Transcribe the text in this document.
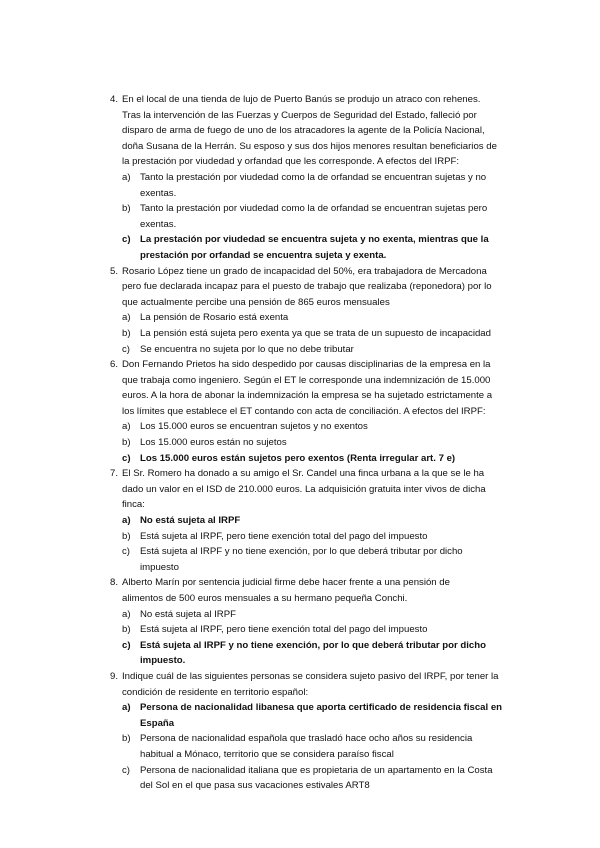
4. En el local de una tienda de lujo de Puerto Banús se produjo un atraco con rehenes.
Tras la intervención de las Fuerzas y Cuerpos de Seguridad del Estado, falleció por
disparo de arma de fuego de uno de los atracadores la agente de la Policía Nacional,
doña Susana de la Herrán. Su esposo y sus dos hijos menores resultan beneficiarios de
la prestación por viudedad y orfandad que les corresponde. A efectos del IRPF:
a) Tanto la prestación por viudedad como la de orfandad se encuentran sujetas y no
exentas.
b) Tanto la prestación por viudedad como la de orfandad se encuentran sujetas pero
exentas.
c) La prestación por viudedad se encuentra sujeta y no exenta, mientras que la
prestación por orfandad se encuentra sujeta y exenta.
5. Rosario López tiene un grado de incapacidad del 50%, era trabajadora de Mercadona
pero fue declarada incapaz para el puesto de trabajo que realizaba (reponedora) por lo
que actualmente percibe una pensión de 865 euros mensuales
a) La pensión de Rosario está exenta
b) La pensión está sujeta pero exenta ya que se trata de un supuesto de incapacidad
c)	Se encuentra no sujeta por lo que no debe tributar
6. Don Fernando Prietos ha sido despedido por causas disciplinarias de la empresa en la
que trabaja como ingeniero. Según el ET le corresponde una indemnización de 15.000
euros. A la hora de abonar la indemnización la empresa se ha sujetado estrictamente a
los límites que establece el ET contando con acta de conciliación. A efectos del IRPF:
a) Los 15.000 euros se encuentran sujetos y no exentos
b) Los 15.000 euros están no sujetos
c) Los 15.000 euros están sujetos pero exentos (Renta irregular art. 7 e)
7. El Sr. Romero ha donado a su amigo el Sr. Candel una finca urbana a la que se le ha
dado un valor en el ISD de 210.000 euros. La adquisición gratuita inter vivos de dicha
finca:
a) No está sujeta al IRPF
b) Está sujeta al IRPF, pero tiene exención total del pago del impuesto
c)	Está sujeta al IRPF y no tiene exención, por lo que deberá tributar por dicho
impuesto
8. Alberto Marín por sentencia judicial firme debe hacer frente a una pensión de
alimentos de 500 euros mensuales a su hermano pequeña Conchi.
a) No está sujeta al IRPF
b) Está sujeta al IRPF, pero tiene exención total del pago del impuesto
c) Está sujeta al IRPF y no tiene exención, por lo que deberá tributar por dicho
impuesto.
9. Indique cuál de las siguientes personas se considera sujeto pasivo del IRPF, por tener la
condición de residente en territorio español:
a) Persona de nacionalidad libanesa que aporta certificado de residencia fiscal en
España
b) Persona de nacionalidad española que trasladó hace ocho años su residencia
habitual a Mónaco, territorio que se considera paraíso fiscal
c)	Persona de nacionalidad italiana que es propietaria de un apartamento en la Costa
del Sol en el que pasa sus vacaciones estivales ART8
